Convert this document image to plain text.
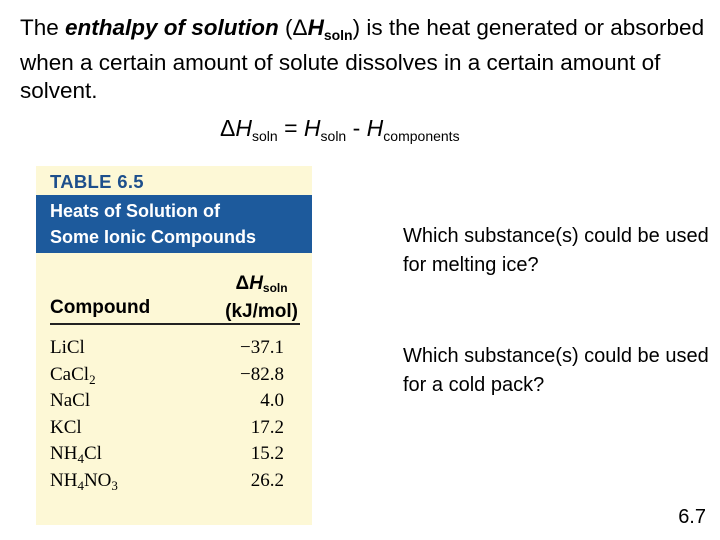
The enthalpy of solution $(\Delta H_{soln})$ is the heat generated or absorbed when a certain amount of solute dissolves in a certain amount of solvent.
$\Delta H_{soln} = H_{soln} - H_{components}$
TABLE 6.5
Heats of Solution of
Some Ionic Compounds
Compound
$\Delta H_{soln}$
(kJ/mol)
LiCl	−37.1
CaCl$_2$	−82.8
NaCl	4.0
KCl	17.2
$NH_4Cl$	15.2
$NH_4NO_3$	26.2
Which substance(s) could be used for melting ice?
Which substance(s) could be used for a cold pack?
6.7
